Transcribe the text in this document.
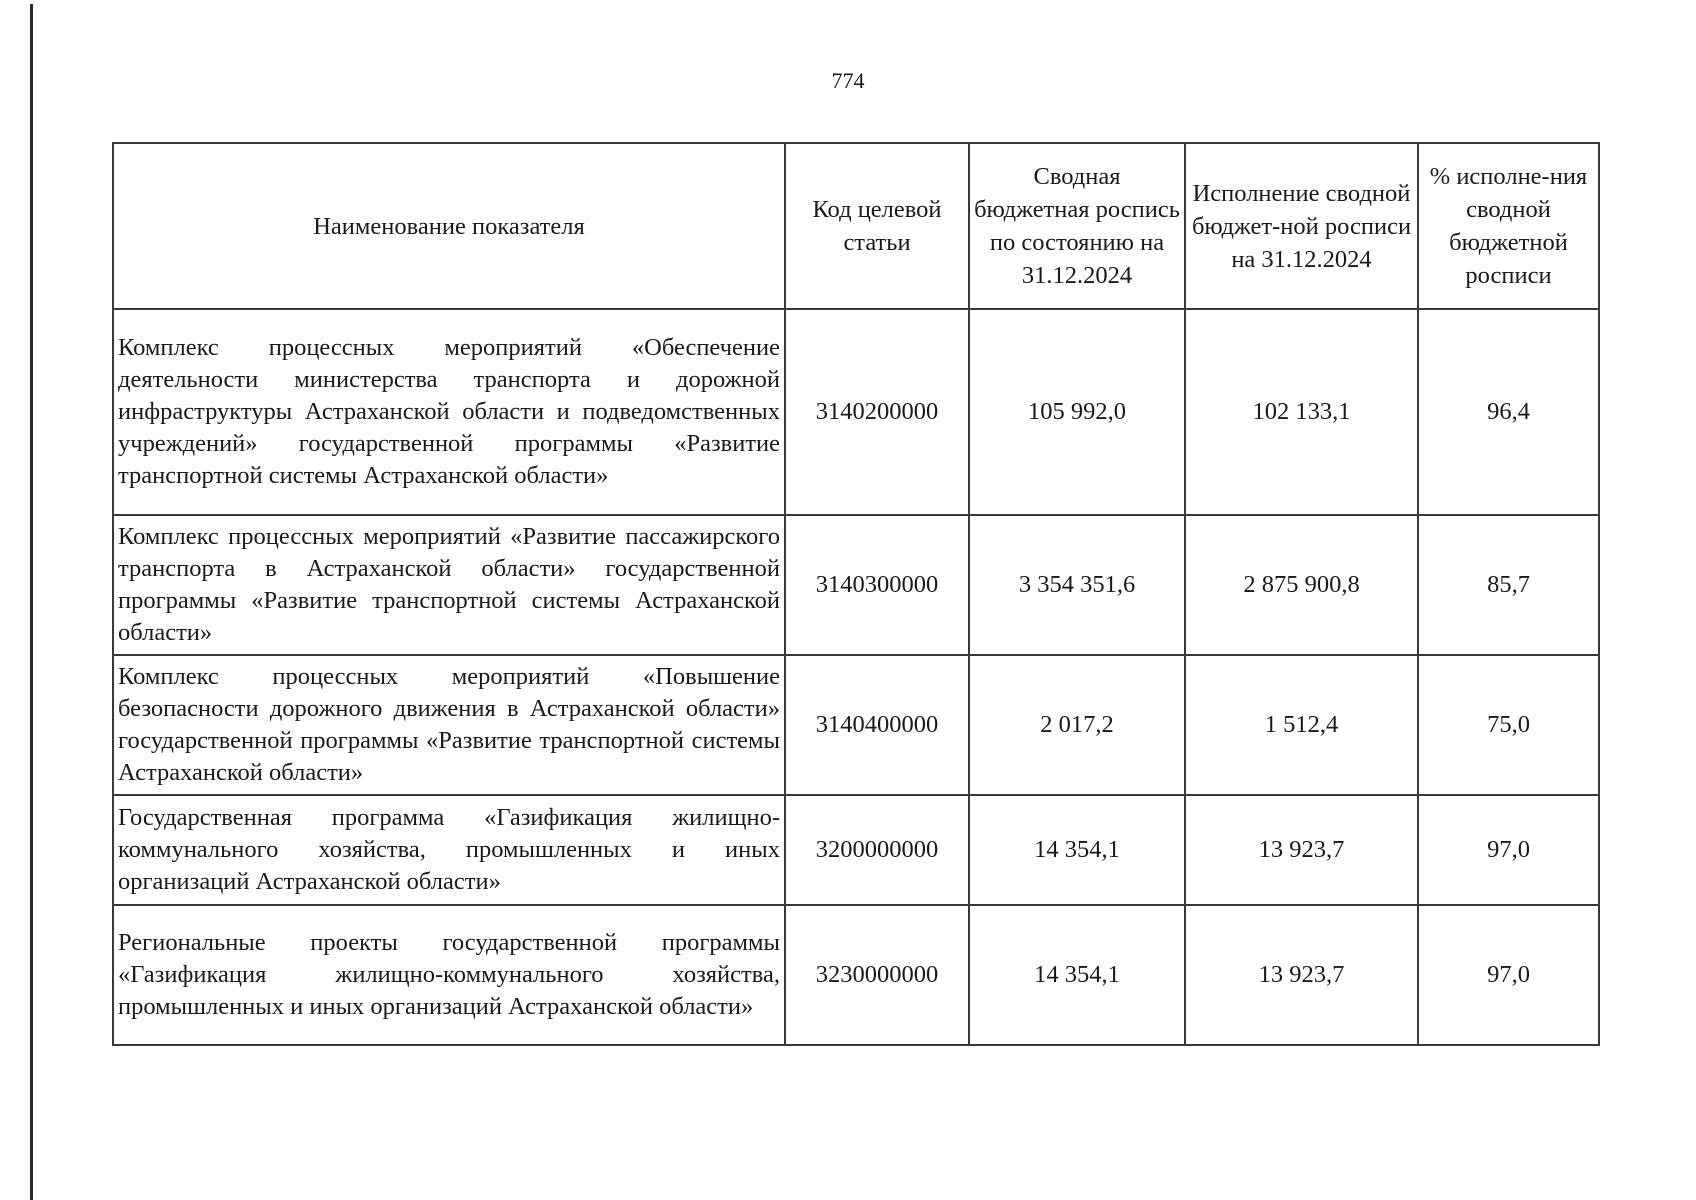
774
Наименование показателя	Код целевой статьи	Сводная бюджетная роспись по состоянию на 31.12.2024	Исполнение сводной бюджет-ной росписи на 31.12.2024	% исполне-ния сводной бюджетной росписи
Комплекс процессных мероприятий «Обеспечение деятельности министерства транспорта и дорожной инфраструктуры Астраханской области и подведомственных учреждений» государственной программы «Развитие транспортной системы Астраханской области»	3140200000	105 992,0	102 133,1	96,4
Комплекс процессных мероприятий «Развитие пассажирского транспорта в Астраханской области» государственной программы «Развитие транспортной системы Астраханской области»	3140300000	3 354 351,6	2 875 900,8	85,7
Комплекс процессных мероприятий «Повышение безопасности дорожного движения в Астраханской области» государственной программы «Развитие транспортной системы Астраханской области»	3140400000	2 017,2	1 512,4	75,0
Государственная программа «Газификация жилищно-коммунального хозяйства, промышленных и иных организаций Астраханской области»	3200000000	14 354,1	13 923,7	97,0
Региональные проекты государственной программы «Газификация жилищно-коммунального хозяйства, промышленных и иных организаций Астраханской области»	3230000000	14 354,1	13 923,7	97,0
